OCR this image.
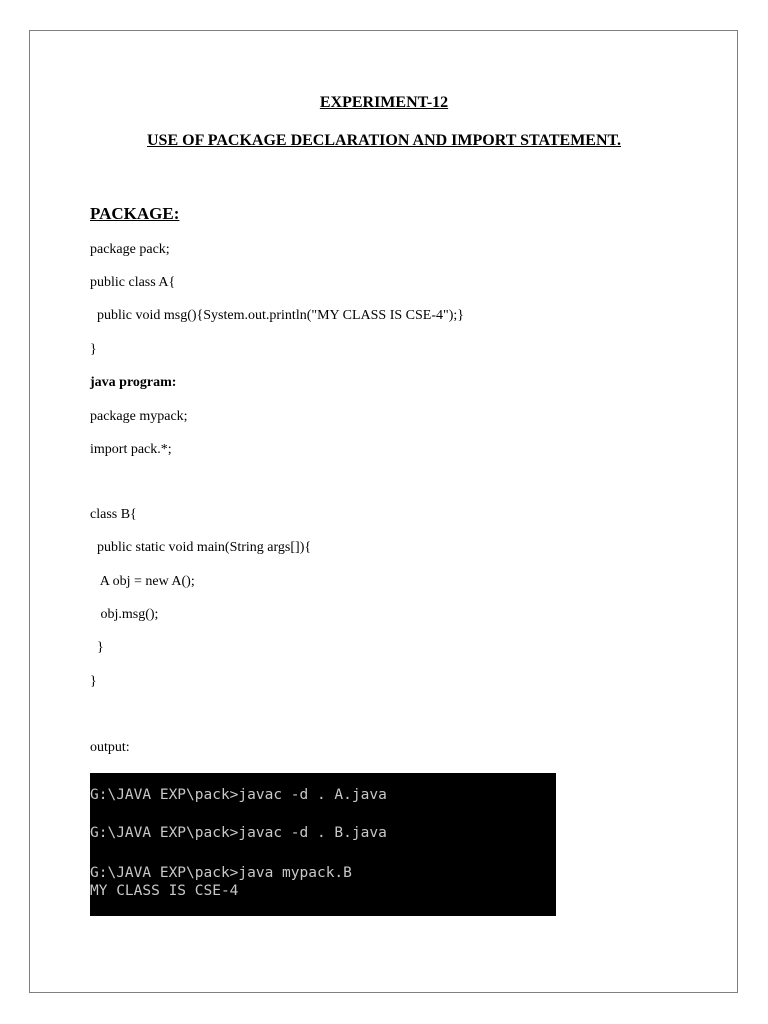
EXPERIMENT-12
USE OF PACKAGE DECLARATION AND IMPORT STATEMENT.
PACKAGE:
package pack;
public class A{
public void msg(){System.out.println("MY CLASS IS CSE-4");}
}
java program:
package mypack;
import pack.*;
class B{
public static void main(String args[]){
A obj = new A();
obj.msg();
}
}
output:
G:\JAVA EXP\pack>javac -d . A.java
G:\JAVA EXP\pack>javac -d . B.java
G:\JAVA EXP\pack>java mypack.B
MY CLASS IS CSE-4
